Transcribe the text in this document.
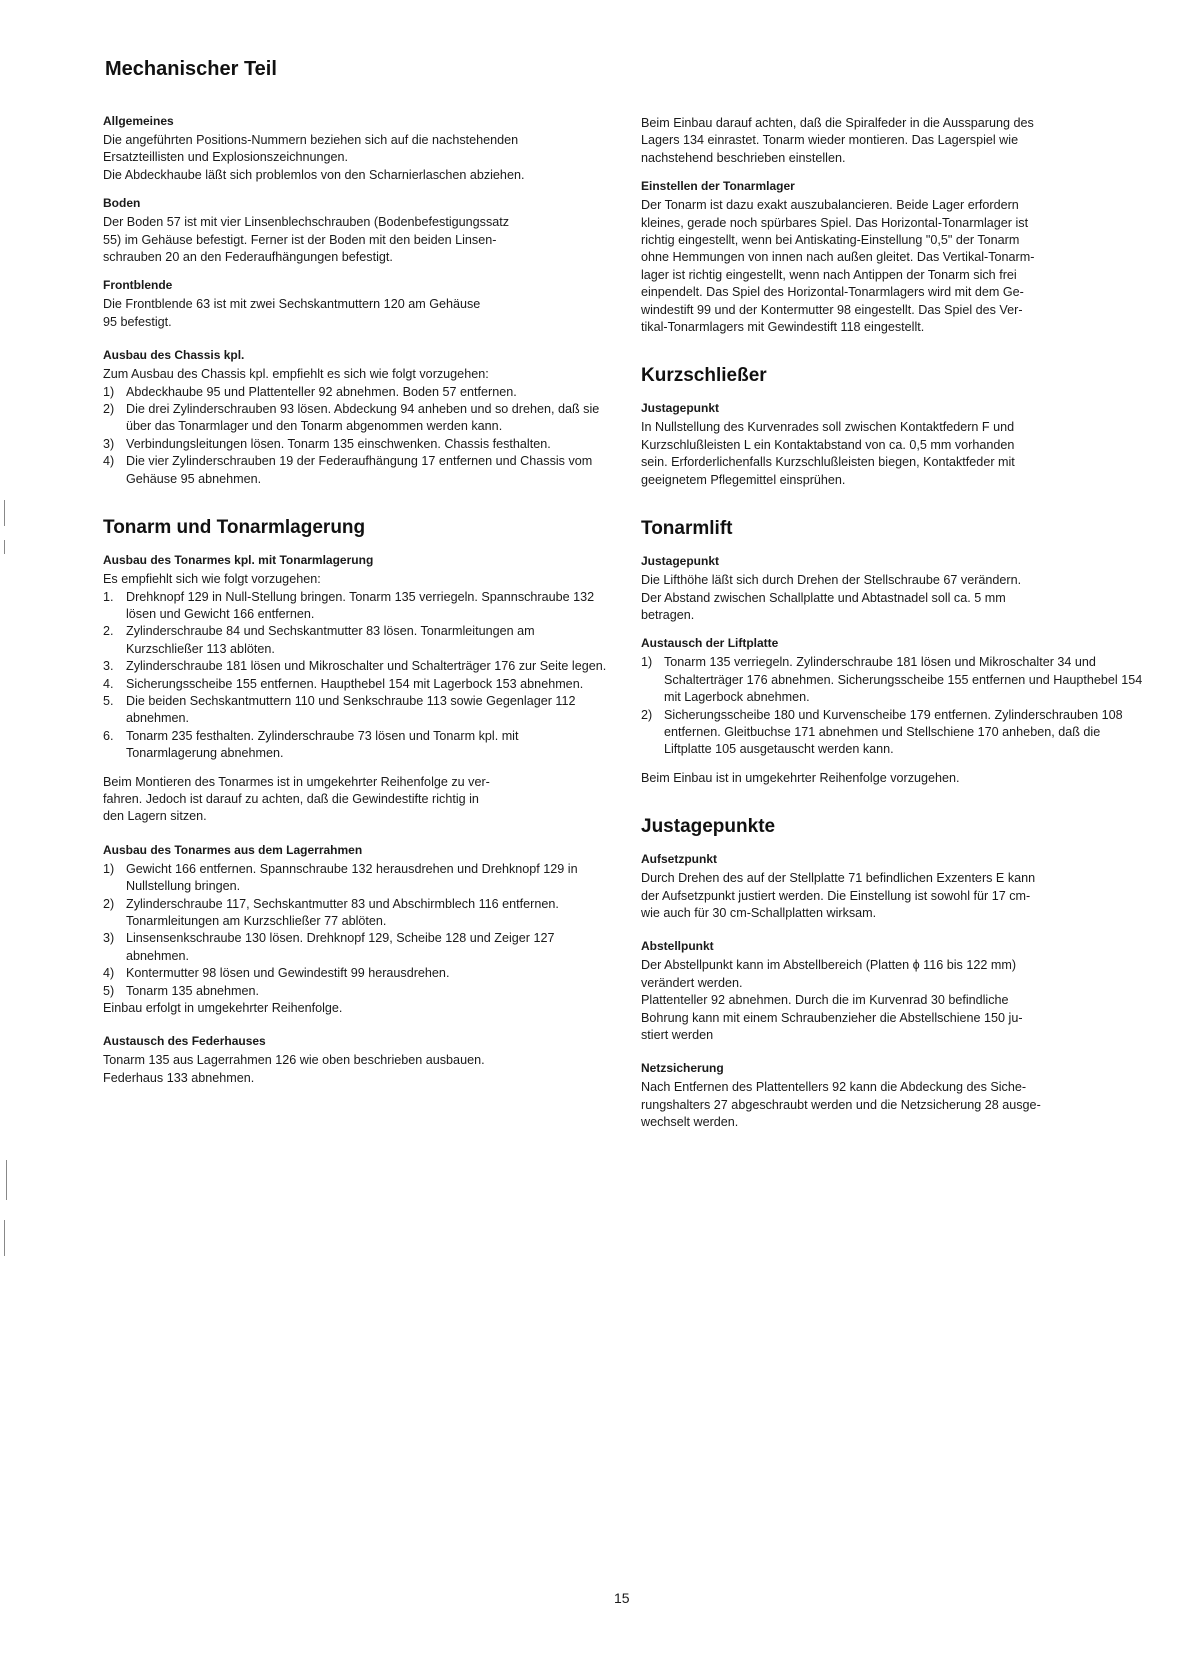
Mechanischer Teil

Allgemeines

Die angeführten Positions-Nummern beziehen sich auf die nachstehenden

Ersatzteillisten und Explosionszeichnungen.

Die Abdeckhaube läßt sich problemlos von den Scharnierlaschen abziehen.

Boden

Der Boden 57 ist mit vier Linsenblechschrauben (Bodenbefestigungssatz

55) im Gehäuse befestigt. Ferner ist der Boden mit den beiden Linsen-

schrauben 20 an den Federaufhängungen befestigt.

Frontblende

Die Frontblende 63 ist mit zwei Sechskantmuttern 120 am Gehäuse

95 befestigt.

Ausbau des Chassis kpl.

Zum Ausbau des Chassis kpl. empfiehlt es sich wie folgt vorzugehen:

1) Abdeckhaube 95 und Plattenteller 92 abnehmen. Boden 57 entfernen.
2) Die drei Zylinderschrauben 93 lösen. Abdeckung 94 anheben und so drehen, daß sie über das Tonarmlager und den Tonarm abgenommen werden kann.
3) Verbindungsleitungen lösen. Tonarm 135 einschwenken. Chassis festhalten.
4) Die vier Zylinderschrauben 19 der Federaufhängung 17 entfernen und Chassis vom Gehäuse 95 abnehmen.
Tonarm und Tonarmlagerung

Ausbau des Tonarmes kpl. mit Tonarmlagerung

Es empfiehlt sich wie folgt vorzugehen:

1. Drehknopf 129 in Null-Stellung bringen. Tonarm 135 verriegeln. Spannschraube 132 lösen und Gewicht 166 entfernen.
2. Zylinderschraube 84 und Sechskantmutter 83 lösen. Tonarmleitungen am Kurzschließer 113 ablöten.
3. Zylinderschraube 181 lösen und Mikroschalter und Schalterträger 176 zur Seite legen.
4. Sicherungsscheibe 155 entfernen. Haupthebel 154 mit Lagerbock 153 abnehmen.
5. Die beiden Sechskantmuttern 110 und Senkschraube 113 sowie Gegenlager 112 abnehmen.
6. Tonarm 235 festhalten. Zylinderschraube 73 lösen und Tonarm kpl. mit Tonarmlagerung abnehmen.

Beim Montieren des Tonarmes ist in umgekehrter Reihenfolge zu ver-

fahren. Jedoch ist darauf zu achten, daß die Gewindestifte richtig in

den Lagern sitzen.

Ausbau des Tonarmes aus dem Lagerrahmen

1) Gewicht 166 entfernen. Spannschraube 132 herausdrehen und Drehknopf 129 in Nullstellung bringen.
2) Zylinderschraube 117, Sechskantmutter 83 und Abschirmblech 116 entfernen. Tonarmleitungen am Kurzschließer 77 ablöten.
3) Linsensenkschraube 130 lösen. Drehknopf 129, Scheibe 128 und Zeiger 127 abnehmen.
4) Kontermutter 98 lösen und Gewindestift 99 herausdrehen.
5) Tonarm 135 abnehmen.

Einbau erfolgt in umgekehrter Reihenfolge.

Austausch des Federhauses

Tonarm 135 aus Lagerrahmen 126 wie oben beschrieben ausbauen.

Federhaus 133 abnehmen.

Beim Einbau darauf achten, daß die Spiralfeder in die Aussparung des

Lagers 134 einrastet. Tonarm wieder montieren. Das Lagerspiel wie

nachstehend beschrieben einstellen.

Einstellen der Tonarmlager

Der Tonarm ist dazu exakt auszubalancieren. Beide Lager erfordern

kleines, gerade noch spürbares Spiel. Das Horizontal-Tonarmlager ist

richtig eingestellt, wenn bei Antiskating-Einstellung "0,5" der Tonarm

ohne Hemmungen von innen nach außen gleitet. Das Vertikal-Tonarm-

lager ist richtig eingestellt, wenn nach Antippen der Tonarm sich frei

einpendelt. Das Spiel des Horizontal-Tonarmlagers wird mit dem Ge-

windestift 99 und der Kontermutter 98 eingestellt. Das Spiel des Ver-

tikal-Tonarmlagers mit Gewindestift 118 eingestellt.

Kurzschließer

Justagepunkt

In Nullstellung des Kurvenrades soll zwischen Kontaktfedern F und

Kurzschlußleisten L ein Kontaktabstand von ca. 0,5 mm vorhanden

sein. Erforderlichenfalls Kurzschlußleisten biegen, Kontaktfeder mit

geeignetem Pflegemittel einsprühen.

Tonarmlift

Justagepunkt

Die Lifthöhe läßt sich durch Drehen der Stellschraube 67 verändern.

Der Abstand zwischen Schallplatte und Abtastnadel soll ca. 5 mm

betragen.

Austausch der Liftplatte

1) Tonarm 135 verriegeln. Zylinderschraube 181 lösen und Mikroschalter 34 und Schalterträger 176 abnehmen. Sicherungsscheibe 155 entfernen und Haupthebel 154 mit Lagerbock abnehmen.
2) Sicherungsscheibe 180 und Kurvenscheibe 179 entfernen. Zylinderschrauben 108 entfernen. Gleitbuchse 171 abnehmen und Stellschiene 170 anheben, daß die Liftplatte 105 ausgetauscht werden kann.

Beim Einbau ist in umgekehrter Reihenfolge vorzugehen.

Justagepunkte

Aufsetzpunkt

Durch Drehen des auf der Stellplatte 71 befindlichen Exzenters E kann

der Aufsetzpunkt justiert werden. Die Einstellung ist sowohl für 17 cm-

wie auch für 30 cm-Schallplatten wirksam.

Abstellpunkt

Der Abstellpunkt kann im Abstellbereich (Platten ϕ 116 bis 122 mm)

verändert werden.

Plattenteller 92 abnehmen. Durch die im Kurvenrad 30 befindliche

Bohrung kann mit einem Schraubenzieher die Abstellschiene 150 ju-

stiert werden

Netzsicherung

Nach Entfernen des Plattentellers 92 kann die Abdeckung des Siche-

rungshalters 27 abgeschraubt werden und die Netzsicherung 28 ausge-

wechselt werden.

15
